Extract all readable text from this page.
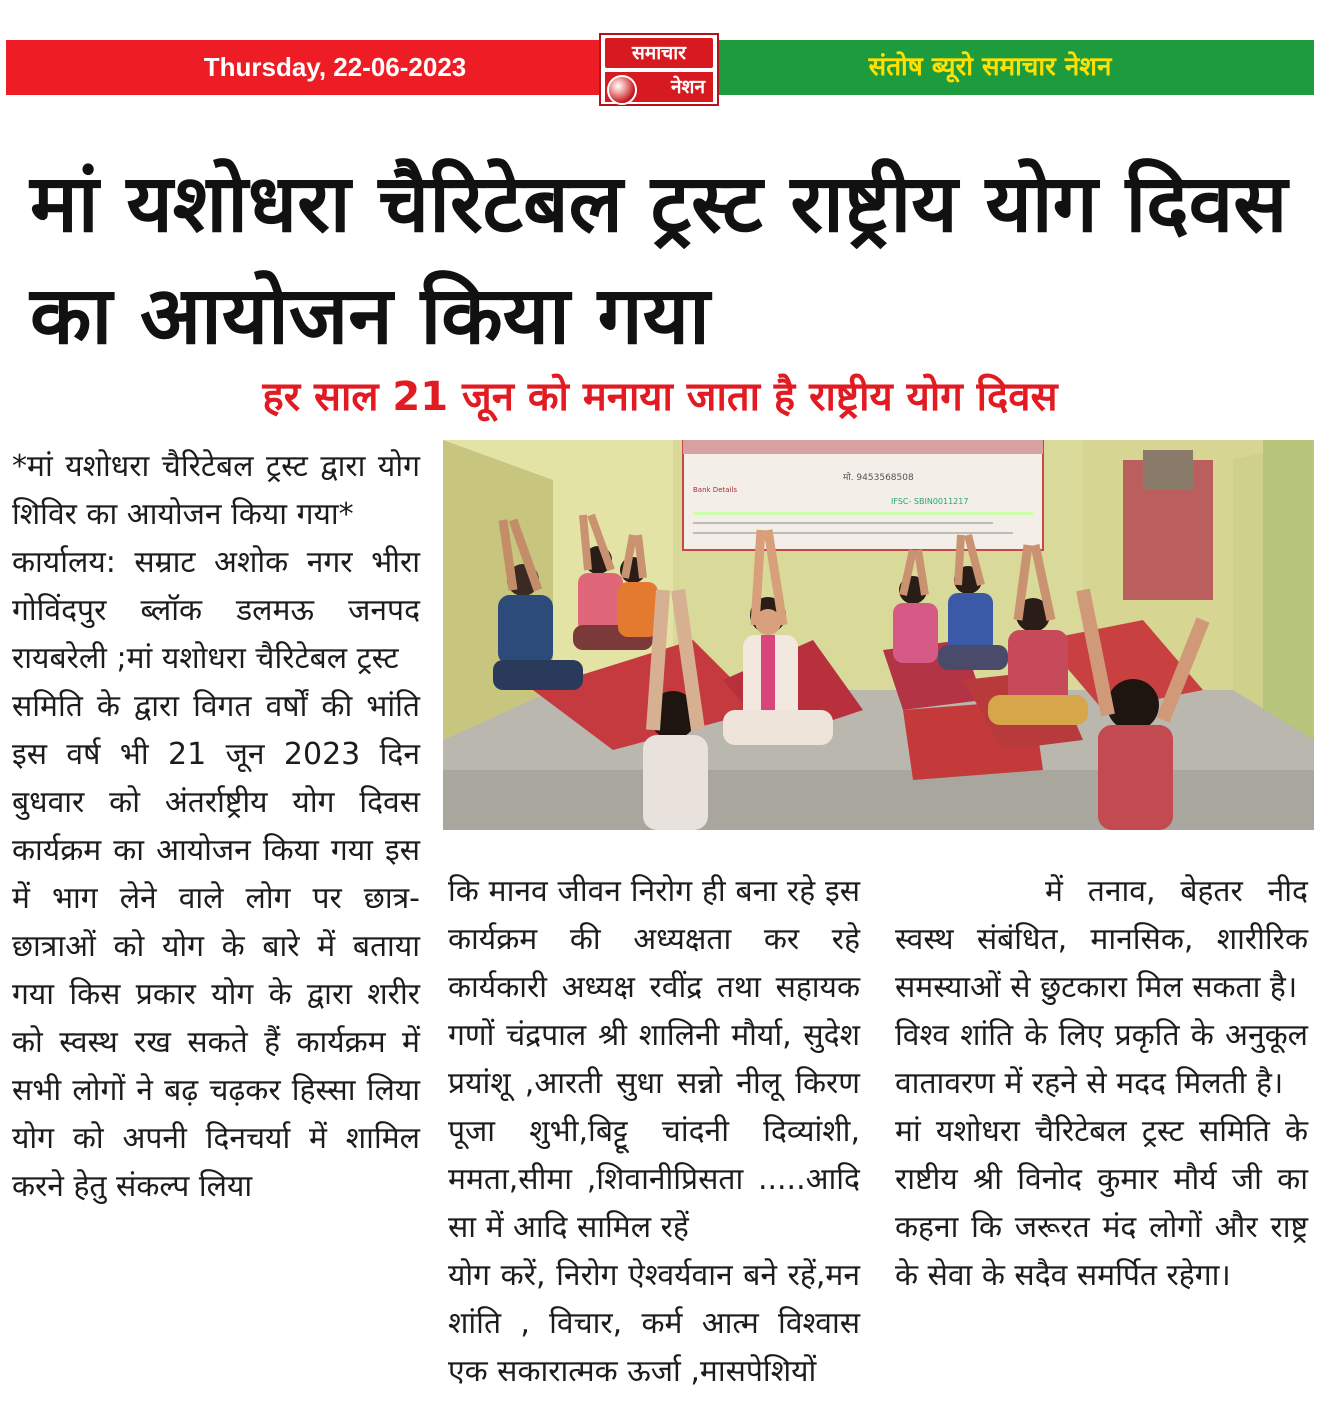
Thursday, 22-06-2023	संतोष ब्यूरो समाचार नेशन
समाचार
नेशन
मां यशोधरा चैरिटेबल ट्रस्ट राष्ट्रीय योग दिवस का आयोजन किया गया
हर साल 21 जून को मनाया जाता है राष्ट्रीय योग दिवस

*मां यशोधरा चैरिटेबल ट्रस्ट द्वारा योग शिविर का आयोजन किया गया*

कार्यालय: सम्राट अशोक नगर भीरा गोविंदपुर ब्लॉक डलमऊ जनपद रायबरेली ;मां यशोधरा चैरिटेबल ट्रस्ट

समिति के द्वारा विगत वर्षों की भांति इस वर्ष भी 21 जून 2023 दिन बुधवार को अंतर्राष्ट्रीय योग दिवस कार्यक्रम का आयोजन किया गया इस में भाग लेने वाले लोग पर छात्र-छात्राओं को योग के बारे में बताया गया किस प्रकार योग के द्वारा शरीर को स्वस्थ रख सकते हैं कार्यक्रम में सभी लोगों ने बढ़ चढ़कर हिस्सा लिया योग को अपनी दिनचर्या में शामिल करने हेतु संकल्प लिया

मो. 9453568508
Bank Details
IFSC- SBIN0011217

कि मानव जीवन निरोग ही बना रहे इस कार्यक्रम की अध्यक्षता कर रहे कार्यकारी अध्यक्ष रवींद्र तथा सहायक गणों चंद्रपाल श्री शालिनी मौर्या, सुदेश प्रयांशू ,आरती सुधा सन्नो नीलू किरण पूजा शुभी,बिट्टू चांदनी दिव्यांशी, ममता,सीमा ,शिवानीप्रिसता .....आदि सा में आदि सामिल रहें

योग करें, निरोग ऐश्वर्यवान बने रहें,मन शांति , विचार, कर्म आत्म विश्वास एक सकारात्मक ऊर्जा ,मासपेशियों

में तनाव, बेहतर नीद स्वस्थ संबंधित, मानसिक, शारीरिक समस्याओं से छुटकारा मिल सकता है।

विश्व शांति के लिए प्रकृति के अनुकूल वातावरण में रहने से मदद मिलती है।

मां यशोधरा चैरिटेबल ट्रस्ट समिति के राष्टीय श्री विनोद कुमार मौर्य जी का कहना कि जरूरत मंद लोगों और राष्ट्र के सेवा के सदैव समर्पित रहेगा।
